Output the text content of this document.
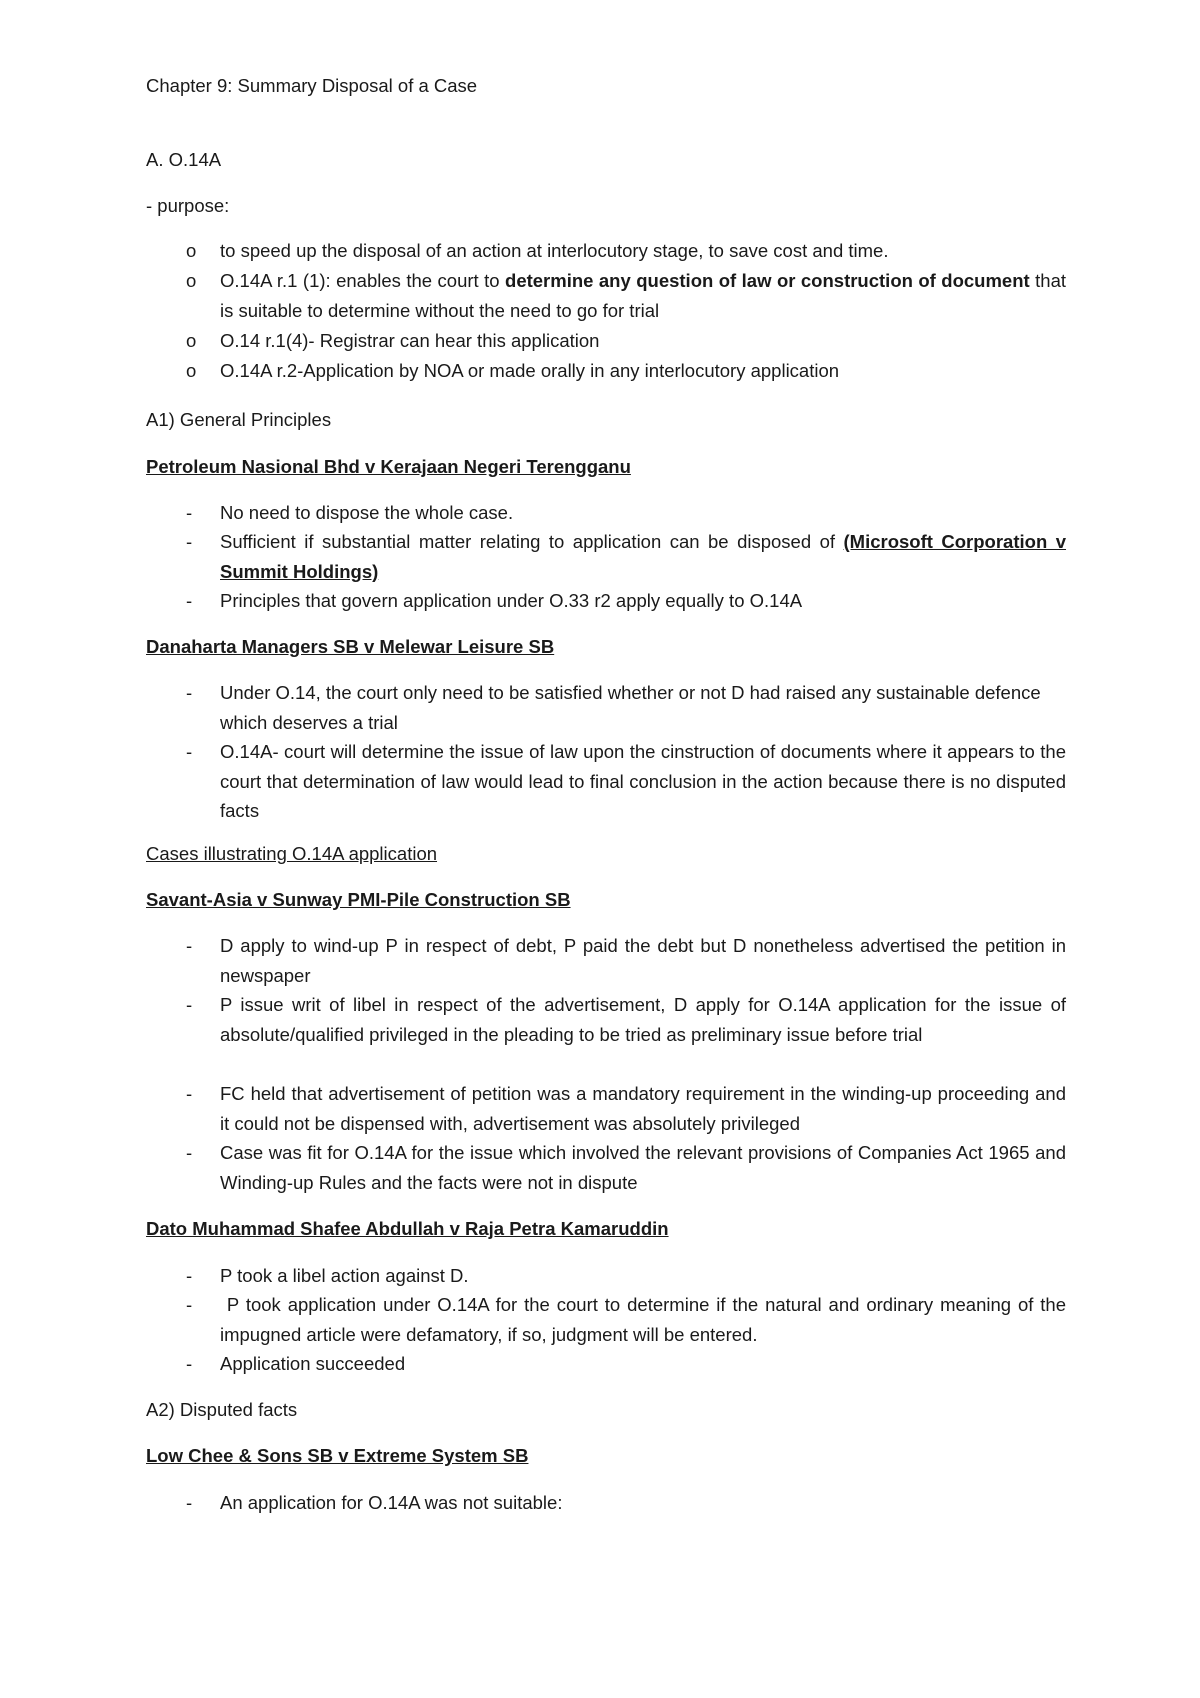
Chapter 9: Summary Disposal of a Case
A. O.14A
- purpose:
o to speed up the disposal of an action at interlocutory stage, to save cost and time.
o O.14A r.1 (1): enables the court to determine any question of law or construction of document that is suitable to determine without the need to go for trial
o O.14 r.1(4)- Registrar can hear this application
o O.14A r.2-Application by NOA or made orally in any interlocutory application
A1) General Principles
Petroleum Nasional Bhd v Kerajaan Negeri Terengganu
- No need to dispose the whole case.
- Sufficient if substantial matter relating to application can be disposed of (Microsoft Corporation v Summit Holdings)
- Principles that govern application under O.33 r2 apply equally to O.14A
Danaharta Managers SB v Melewar Leisure SB
- Under O.14, the court only need to be satisfied whether or not D had raised any sustainable defence which deserves a trial
- O.14A- court will determine the issue of law upon the cinstruction of documents where it appears to the court that determination of law would lead to final conclusion in the action because there is no disputed facts
Cases illustrating O.14A application
Savant-Asia v Sunway PMI-Pile Construction SB
- D apply to wind-up P in respect of debt, P paid the debt but D nonetheless advertised the petition in newspaper
- P issue writ of libel in respect of the advertisement, D apply for O.14A application for the issue of absolute/qualified privileged in the pleading to be tried as preliminary issue before trial
- FC held that advertisement of petition was a mandatory requirement in the winding-up proceeding and it could not be dispensed with, advertisement was absolutely privileged
- Case was fit for O.14A for the issue which involved the relevant provisions of Companies Act 1965 and Winding-up Rules and the facts were not in dispute
Dato Muhammad Shafee Abdullah v Raja Petra Kamaruddin
- P took a libel action against D.
- P took application under O.14A for the court to determine if the natural and ordinary meaning of the impugned article were defamatory, if so, judgment will be entered.
- Application succeeded
A2) Disputed facts
Low Chee & Sons SB v Extreme System SB
- An application for O.14A was not suitable:
